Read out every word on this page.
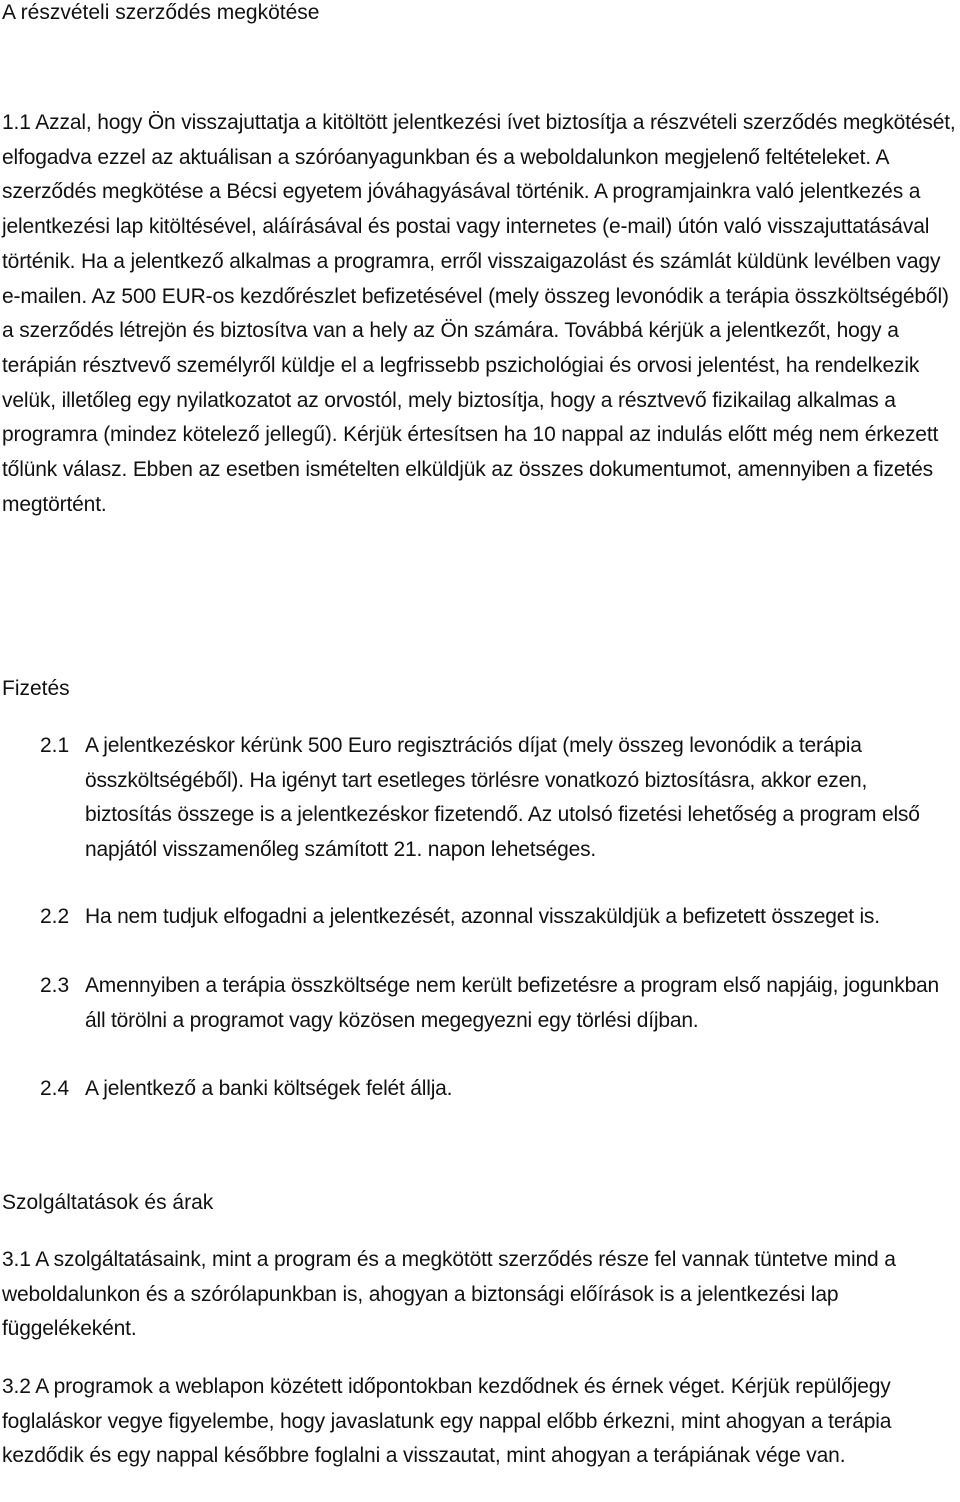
A részvételi szerződés megkötése

1.1 Azzal, hogy Ön visszajuttatja a kitöltött jelentkezési ívet biztosítja a részvételi szerződés megkötését, elfogadva ezzel az aktuálisan a szóróanyagunkban és a weboldalunkon megjelenő feltételeket. A szerződés megkötése a Bécsi egyetem jóváhagyásával történik. A programjainkra való jelentkezés a jelentkezési lap kitöltésével, aláírásával és postai vagy internetes (e-mail) útón való visszajuttatásával történik. Ha a jelentkező alkalmas a programra, erről visszaigazolást és számlát küldünk levélben vagy e-mailen. Az 500 EUR-os kezdőrészlet befizetésével (mely összeg levonódik a terápia összköltségéből) a szerződés létrejön és biztosítva van a hely az Ön számára. Továbbá kérjük a jelentkezőt, hogy a terápián résztvevő személyről küldje el a legfrissebb pszichológiai és orvosi jelentést, ha rendelkezik velük, illetőleg egy nyilatkozatot az orvostól, mely biztosítja, hogy a résztvevő fizikailag alkalmas a programra (mindez kötelező jellegű). Kérjük értesítsen ha 10 nappal az indulás előtt még nem érkezett tőlünk válasz. Ebben az esetben ismételten elküldjük az összes dokumentumot, amennyiben a fizetés megtörtént.

Fizetés
2.1 A jelentkezéskor kérünk 500 Euro regisztrációs díjat (mely összeg levonódik a terápia összköltségéből). Ha igényt tart esetleges törlésre vonatkozó biztosításra, akkor ezen, biztosítás összege is a jelentkezéskor fizetendő. Az utolsó fizetési lehetőség a program első napjától visszamenőleg számított 21. napon lehetséges.
2.2 Ha nem tudjuk elfogadni a jelentkezését, azonnal visszaküldjük a befizetett összeget is.
2.3 Amennyiben a terápia összköltsége nem került befizetésre a program első napjáig, jogunkban áll törölni a programot vagy közösen megegyezni egy törlési díjban.
2.4 A jelentkező a banki költségek felét állja.
Szolgáltatások és árak

3.1 A szolgáltatásaink, mint a program és a megkötött szerződés része fel vannak tüntetve mind a weboldalunkon és a szórólapunkban is, ahogyan a biztonsági előírások is a jelentkezési lap függelékeként.

3.2 A programok a weblapon közétett időpontokban kezdődnek és érnek véget. Kérjük repülőjegy foglaláskor vegye figyelembe, hogy javaslatunk egy nappal előbb érkezni, mint ahogyan a terápia kezdődik és egy nappal későbbre foglalni a visszautat, mint ahogyan a terápiának vége van.
